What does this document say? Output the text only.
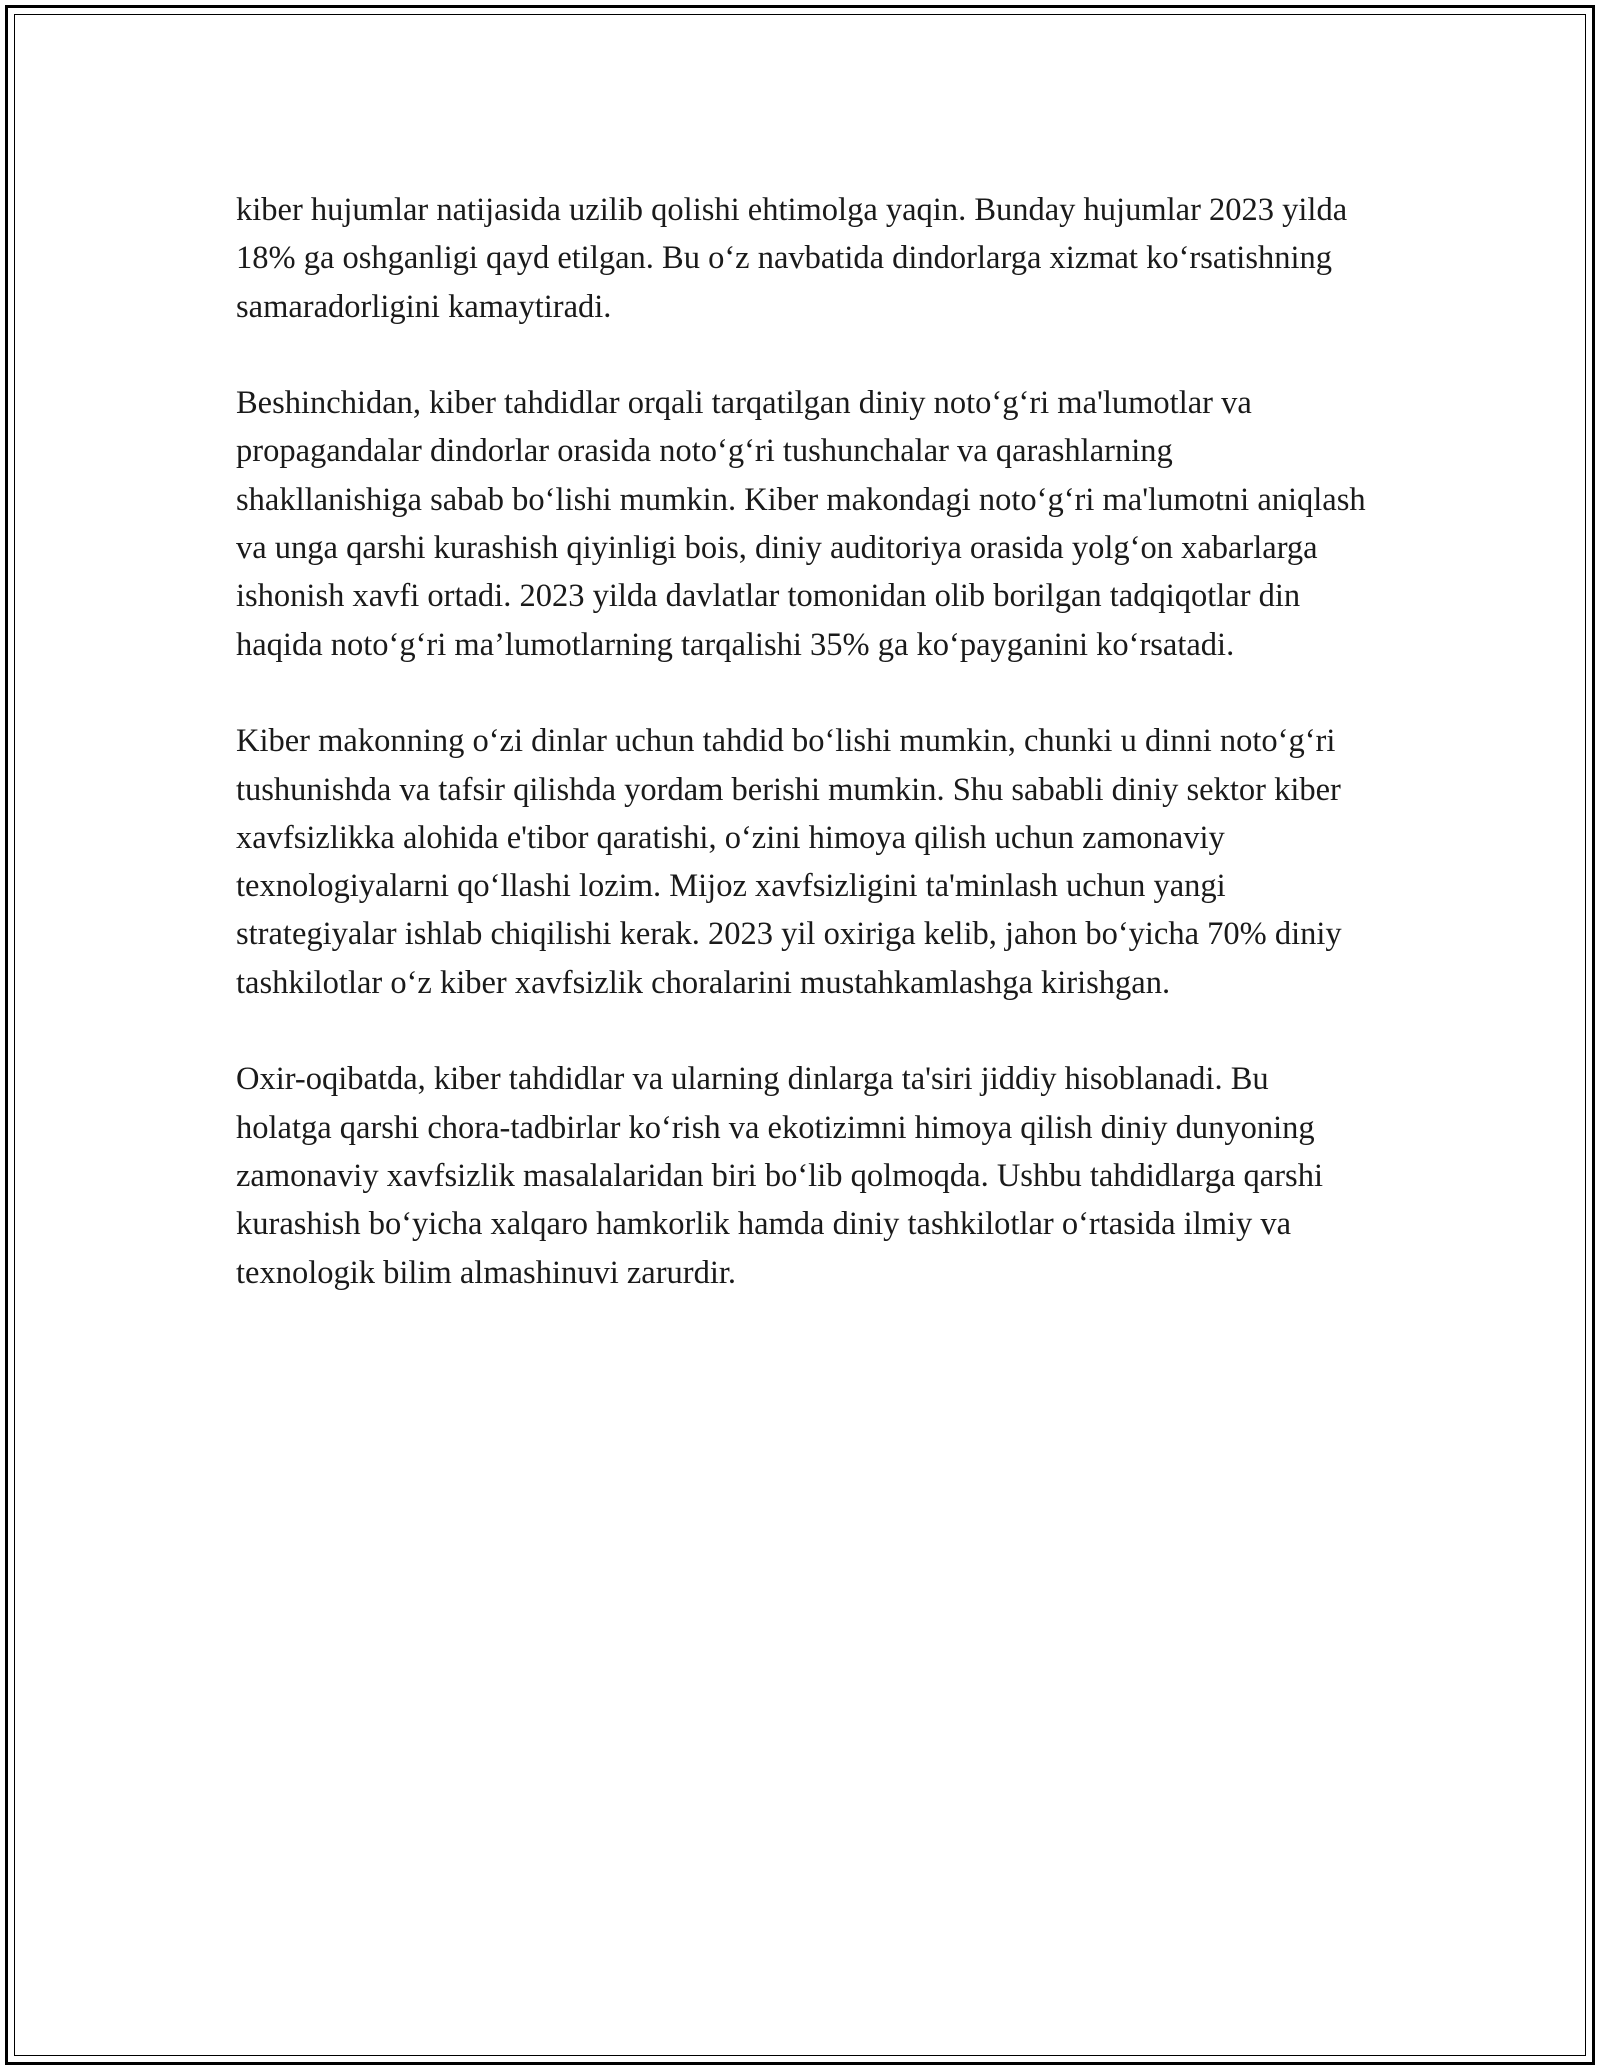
kiber hujumlar natijasida uzilib qolishi ehtimolga yaqin. Bunday hujumlar 2023 yilda 18% ga oshganligi qayd etilgan. Bu oʻz navbatida dindorlarga xizmat koʻrsatishning samaradorligini kamaytiradi.

Beshinchidan, kiber tahdidlar orqali tarqatilgan diniy notoʻgʻri ma'lumotlar va propagandalar dindorlar orasida notoʻgʻri tushunchalar va qarashlarning shakllanishiga sabab boʻlishi mumkin. Kiber makondagi notoʻgʻri ma'lumotni aniqlash va unga qarshi kurashish qiyinligi bois, diniy auditoriya orasida yolgʻon xabarlarga ishonish xavfi ortadi. 2023 yilda davlatlar tomonidan olib borilgan tadqiqotlar din haqida notoʻgʻri ma’lumotlarning tarqalishi 35% ga koʻpayganini koʻrsatadi.

Kiber makonning oʻzi dinlar uchun tahdid boʻlishi mumkin, chunki u dinni notoʻgʻri tushunishda va tafsir qilishda yordam berishi mumkin. Shu sababli diniy sektor kiber xavfsizlikka alohida e'tibor qaratishi, oʻzini himoya qilish uchun zamonaviy texnologiyalarni qoʻllashi lozim. Mijoz xavfsizligini ta'minlash uchun yangi strategiyalar ishlab chiqilishi kerak. 2023 yil oxiriga kelib, jahon boʻyicha 70% diniy tashkilotlar oʻz kiber xavfsizlik choralarini mustahkamlashga kirishgan.

Oxir-oqibatda, kiber tahdidlar va ularning dinlarga ta'siri jiddiy hisoblanadi. Bu holatga qarshi chora-tadbirlar koʻrish va ekotizimni himoya qilish diniy dunyoning zamonaviy xavfsizlik masalalaridan biri boʻlib qolmoqda. Ushbu tahdidlarga qarshi kurashish boʻyicha xalqaro hamkorlik hamda diniy tashkilotlar oʻrtasida ilmiy va texnologik bilim almashinuvi zarurdir.
